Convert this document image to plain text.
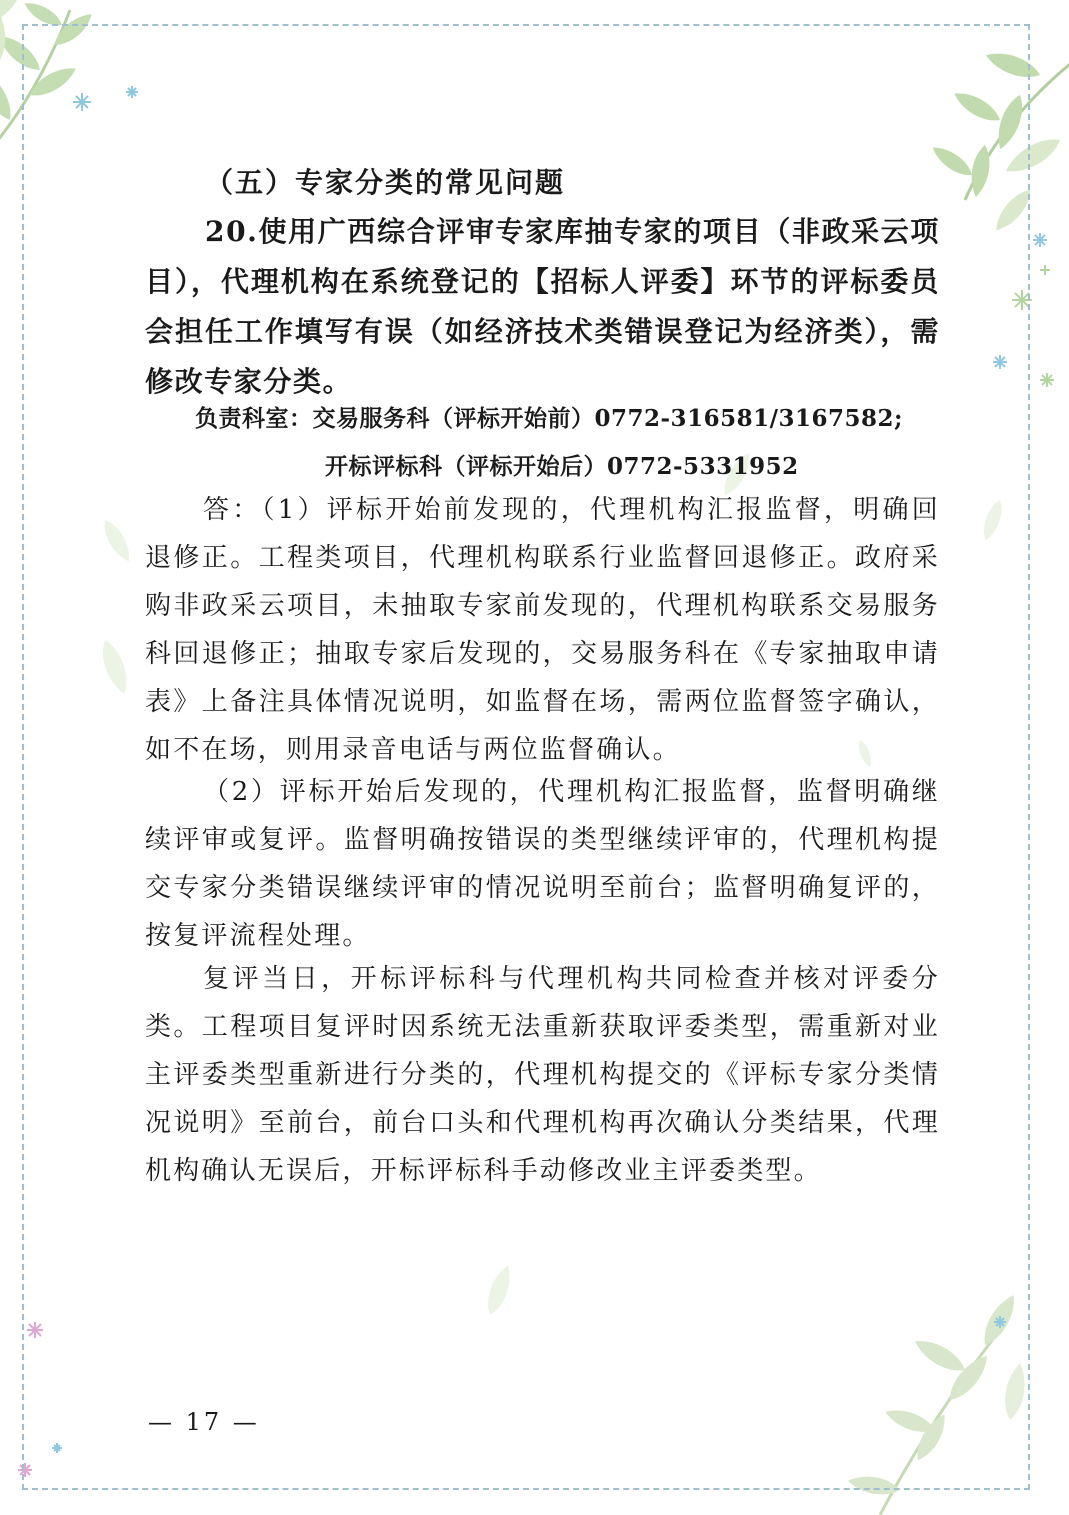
（五）专家分类的常见问题
20.使用广西综合评审专家库抽专家的项目（非政采云项目），代理机构在系统登记的【招标人评委】环节的评标委员会担任工作填写有误（如经济技术类错误登记为经济类），需修改专家分类。
负责科室：交易服务科（评标开始前）0772-316581/3167582;
开标评标科（评标开始后）0772-5331952
答：（1）评标开始前发现的，代理机构汇报监督，明确回退修正。工程类项目，代理机构联系行业监督回退修正。政府采购非政采云项目，未抽取专家前发现的，代理机构联系交易服务科回退修正；抽取专家后发现的，交易服务科在《专家抽取申请表》上备注具体情况说明，如监督在场，需两位监督签字确认，如不在场，则用录音电话与两位监督确认。
（2）评标开始后发现的，代理机构汇报监督，监督明确继续评审或复评。监督明确按错误的类型继续评审的，代理机构提交专家分类错误继续评审的情况说明至前台；监督明确复评的，按复评流程处理。
复评当日，开标评标科与代理机构共同检查并核对评委分类。工程项目复评时因系统无法重新获取评委类型，需重新对业主评委类型重新进行分类的，代理机构提交的《评标专家分类情况说明》至前台，前台口头和代理机构再次确认分类结果，代理机构确认无误后，开标评标科手动修改业主评委类型。
— 17 —
